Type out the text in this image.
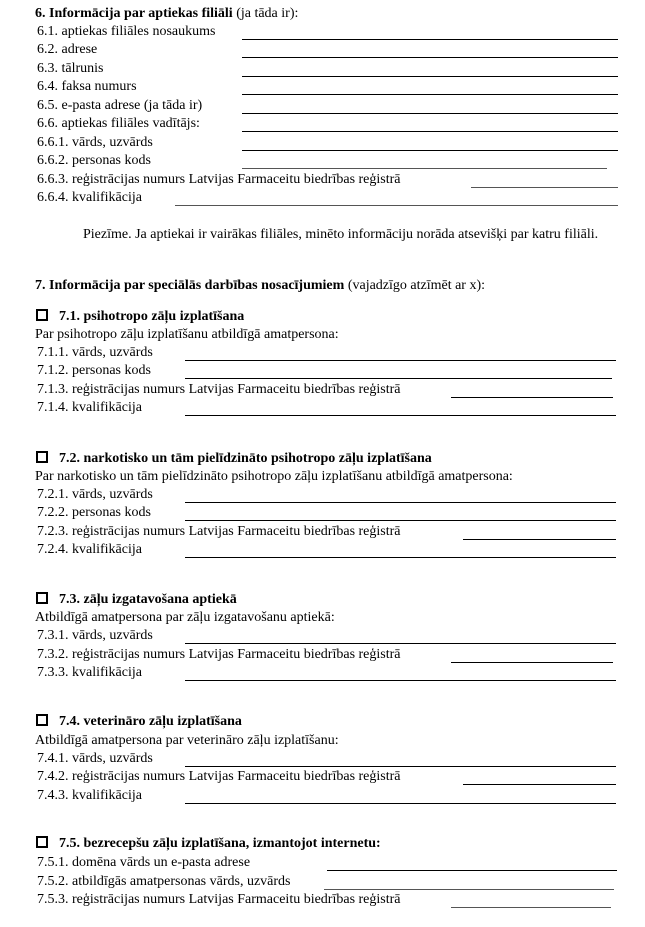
6. Informācija par aptiekas filiāli (ja tāda ir):
6.1. aptiekas filiāles nosaukums
6.2. adrese
6.3. tālrunis
6.4. faksa numurs
6.5. e-pasta adrese (ja tāda ir)
6.6. aptiekas filiāles vadītājs:
6.6.1. vārds, uzvārds
6.6.2. personas kods
6.6.3. reģistrācijas numurs Latvijas Farmaceitu biedrības reģistrā
6.6.4. kvalifikācija
Piezīme. Ja aptiekai ir vairākas filiāles, minēto informāciju norāda atsevišķi par katru filiāli.
7. Informācija par speciālās darbības nosacījumiem (vajadzīgo atzīmēt ar x):
7.1. psihotropo zāļu izplatīšana
Par psihotropo zāļu izplatīšanu atbildīgā amatpersona:
7.1.1. vārds, uzvārds
7.1.2. personas kods
7.1.3. reģistrācijas numurs Latvijas Farmaceitu biedrības reģistrā
7.1.4. kvalifikācija
7.2. narkotisko un tām pielīdzināto psihotropo zāļu izplatīšana
Par narkotisko un tām pielīdzināto psihotropo zāļu izplatīšanu atbildīgā amatpersona:
7.2.1. vārds, uzvārds
7.2.2. personas kods
7.2.3. reģistrācijas numurs Latvijas Farmaceitu biedrības reģistrā
7.2.4. kvalifikācija
7.3. zāļu izgatavošana aptiekā
Atbildīgā amatpersona par zāļu izgatavošanu aptiekā:
7.3.1. vārds, uzvārds
7.3.2. reģistrācijas numurs Latvijas Farmaceitu biedrības reģistrā
7.3.3. kvalifikācija
7.4. veterināro zāļu izplatīšana
Atbildīgā amatpersona par veterināro zāļu izplatīšanu:
7.4.1. vārds, uzvārds
7.4.2. reģistrācijas numurs Latvijas Farmaceitu biedrības reģistrā
7.4.3. kvalifikācija
7.5. bezrecepšu zāļu izplatīšana, izmantojot internetu:
7.5.1. domēna vārds un e-pasta adrese
7.5.2. atbildīgās amatpersonas vārds, uzvārds
7.5.3. reģistrācijas numurs Latvijas Farmaceitu biedrības reģistrā
